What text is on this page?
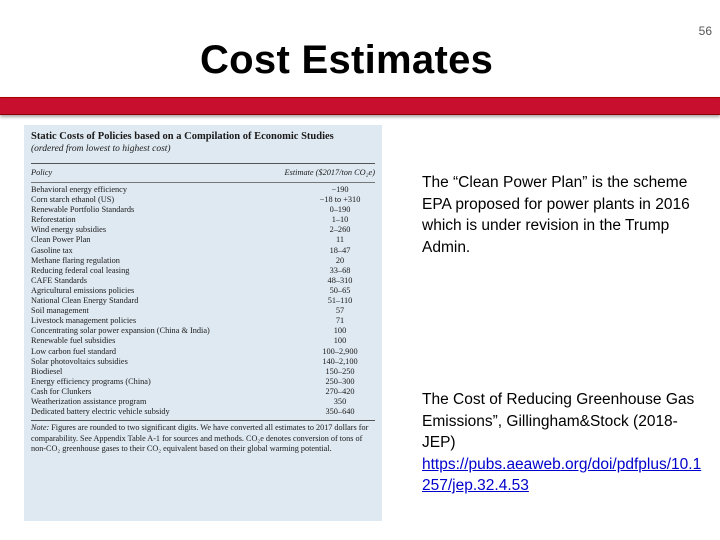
56
Cost Estimates
Static Costs of Policies based on a Compilation of Economic Studies
(ordered from lowest to highest cost)
Policy	Estimate ($2017/ton CO₂e)
Behavioral energy efficiency	−190
Corn starch ethanol (US)	−18 to +310
Renewable Portfolio Standards	0–190
Reforestation	1–10
Wind energy subsidies	2–260
Clean Power Plan	11
Gasoline tax	18–47
Methane flaring regulation	20
Reducing federal coal leasing	33–68
CAFE Standards	48–310
Agricultural emissions policies	50–65
National Clean Energy Standard	51–110
Soil management	57
Livestock management policies	71
Concentrating solar power expansion (China & India)	100
Renewable fuel subsidies	100
Low carbon fuel standard	100–2,900
Solar photovoltaics subsidies	140–2,100
Biodiesel	150–250
Energy efficiency programs (China)	250–300
Cash for Clunkers	270–420
Weatherization assistance program	350
Dedicated battery electric vehicle subsidy	350–640
Note: Figures are rounded to two significant digits. We have converted all estimates to 2017 dollars for comparability. See Appendix Table A-1 for sources and methods. CO₂e denotes conversion of tons of non-CO₂ greenhouse gases to their CO₂ equivalent based on their global warming potential.
The “Clean Power Plan” is the scheme EPA proposed for power plants in 2016 which is under revision in the Trump Admin.
The Cost of Reducing Greenhouse Gas Emissions”, Gillingham&Stock (2018-JEP)
https://pubs.aeaweb.org/doi/pdfplus/10.1257/jep.32.4.53
